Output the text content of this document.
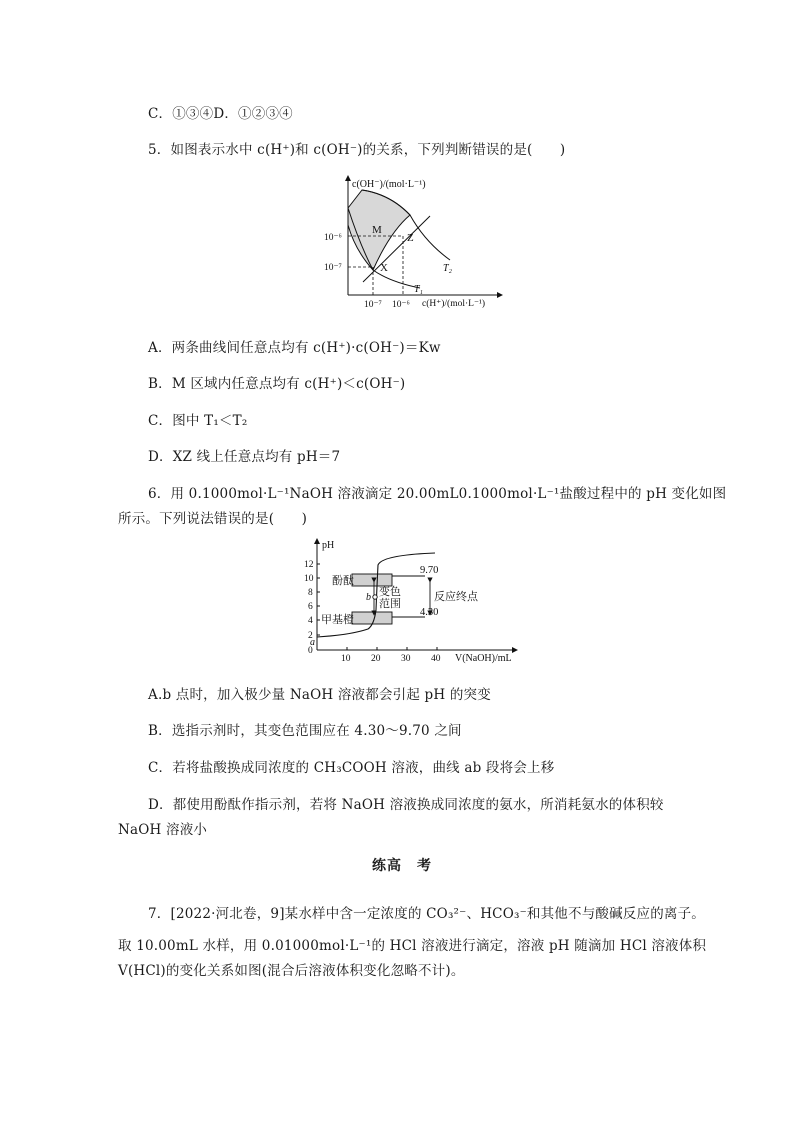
C．①③④D．①②③④
5．如图表示水中 c(H⁺)和 c(OH⁻)的关系，下列判断错误的是(　　)
c(OH⁻)/(mol·L⁻¹)
10⁻⁶
10⁻⁷
10⁻⁷ 10⁻⁶ c(H⁺)/(mol·L⁻¹)
M
X
Z
T₁
T₂
A．两条曲线间任意点均有 c(H⁺)·c(OH⁻)＝Kw
B．M 区域内任意点均有 c(H⁺)＜c(OH⁻)
C．图中 T₁＜T₂
D．XZ 线上任意点均有 pH＝7
6．用 0.1000mol·L⁻¹NaOH 溶液滴定 20.00mL0.1000mol·L⁻¹盐酸过程中的 pH 变化如图
所示。下列说法错误的是(　　)
pH
12
10
8
6
4
2
0
10 20 30 40 V(NaOH)/mL
酚酞
甲基橙
9.70
4.30
反应终点
变色
范围
a
b
A.b 点时，加入极少量 NaOH 溶液都会引起 pH 的突变
B．选指示剂时，其变色范围应在 4.30～9.70 之间
C．若将盐酸换成同浓度的 CH₃COOH 溶液，曲线 ab 段将会上移
D．都使用酚酞作指示剂，若将 NaOH 溶液换成同浓度的氨水，所消耗氨水的体积较
NaOH 溶液小
练高　考
7．[2022·河北卷，9]某水样中含一定浓度的 CO₃²⁻、HCO₃⁻和其他不与酸碱反应的离子。
取 10.00mL 水样，用 0.01000mol·L⁻¹的 HCl 溶液进行滴定，溶液 pH 随滴加 HCl 溶液体积
V(HCl)的变化关系如图(混合后溶液体积变化忽略不计)。
